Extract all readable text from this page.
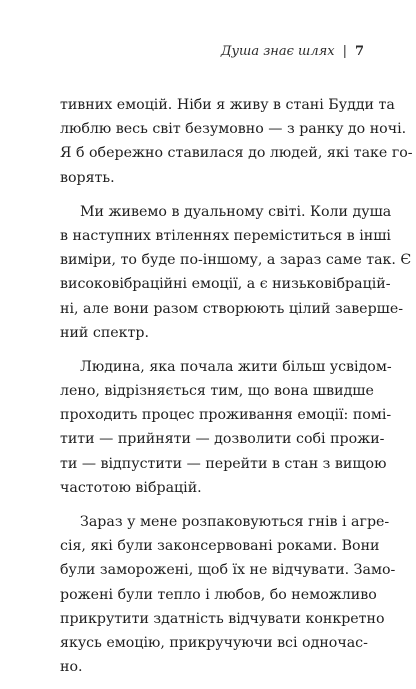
Душа знає шлях | 7
тивних емоцій. Ніби я живу в стані Будди та
люблю весь світ безумовно — з ранку до ночі.
Я б обережно ставилася до людей, які таке го-
ворять.
Ми живемо в дуальному світі. Коли душа
в наступних втіленнях переміститься в інші
виміри, то буде по-іншому, а зараз саме так. Є
високовібраційні емоції, а є низьковібрацій-
ні, але вони разом створюють цілий заверше-
ний спектр.
Людина, яка почала жити більш усвідом-
лено, відрізняється тим, що вона швидше
проходить процес проживання емоції: помі-
тити — прийняти — дозволити собі прожи-
ти — відпустити — перейти в стан з вищою
частотою вібрацій.
Зараз у мене розпаковуються гнів і агре-
сія, які були законсервовані роками. Вони
були заморожені, щоб їх не відчувати. Замо-
рожені були тепло і любов, бо неможливо
прикрутити здатність відчувати конкретно
якусь емоцію, прикручуючи всі одночас-
но.
